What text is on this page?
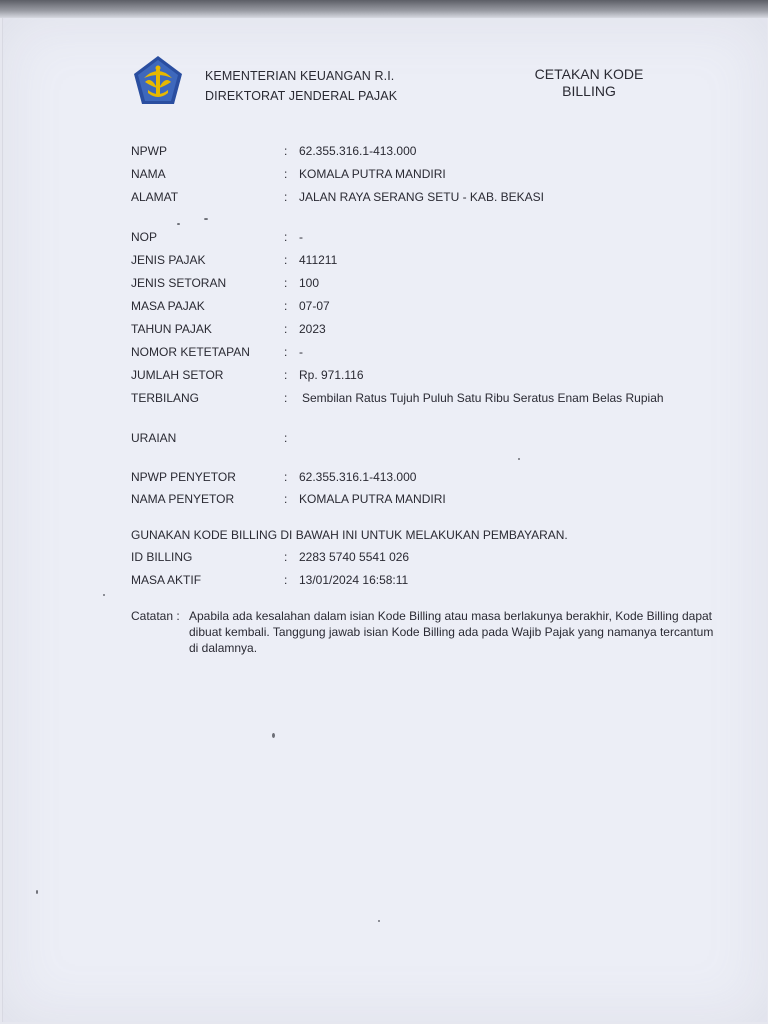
KEMENTERIAN KEUANGAN R.I.
DIREKTORAT JENDERAL PAJAK
CETAKAN KODE
BILLING
NPWP	: 62.355.316.1-413.000
NAMA	: KOMALA PUTRA MANDIRI
ALAMAT	: JALAN RAYA SERANG SETU - KAB. BEKASI
NOP	: -
JENIS PAJAK	: 411211
JENIS SETORAN	: 100
MASA PAJAK	: 07-07
TAHUN PAJAK	: 2023
NOMOR KETETAPAN	: -
JUMLAH SETOR	: Rp. 971.116
TERBILANG	: Sembilan Ratus Tujuh Puluh Satu Ribu Seratus Enam Belas Rupiah
URAIAN	:
NPWP PENYETOR	: 62.355.316.1-413.000
NAMA PENYETOR	: KOMALA PUTRA MANDIRI
GUNAKAN KODE BILLING DI BAWAH INI UNTUK MELAKUKAN PEMBAYARAN.
ID BILLING	: 2283 5740 5541 026
MASA AKTIF	: 13/01/2024 16:58:11
Catatan : Apabila ada kesalahan dalam isian Kode Billing atau masa berlakunya berakhir, Kode Billing dapat dibuat kembali. Tanggung jawab isian Kode Billing ada pada Wajib Pajak yang namanya tercantum di dalamnya.
